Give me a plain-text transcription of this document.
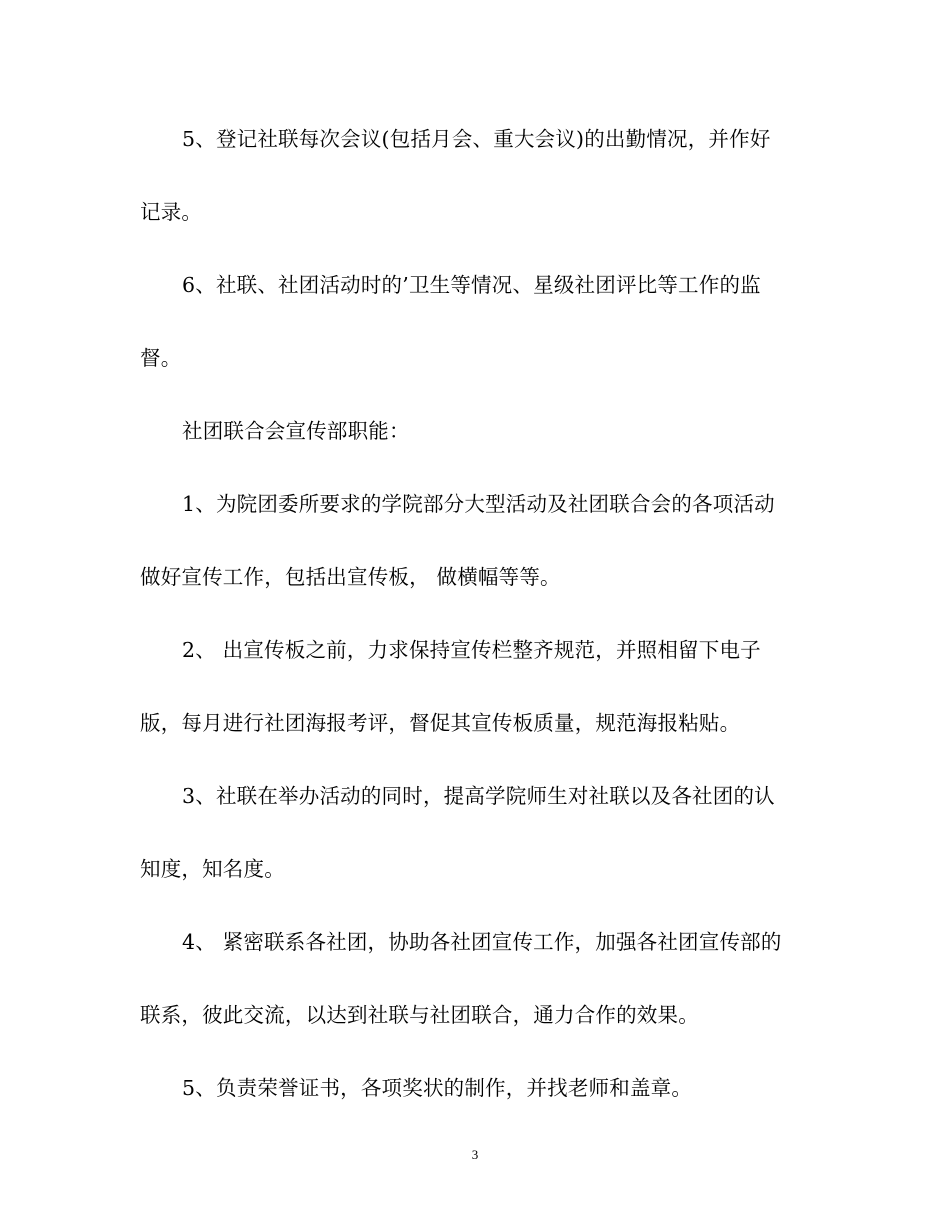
5、登记社联每次会议(包括月会、重大会议)的出勤情况，并作好
记录。
6、社联、社团活动时的’卫生等情况、星级社团评比等工作的监
督。
社团联合会宣传部职能：
1、为院团委所要求的学院部分大型活动及社团联合会的各项活动
做好宣传工作，包括出宣传板， 做横幅等等。
2、 出宣传板之前，力求保持宣传栏整齐规范，并照相留下电子
版，每月进行社团海报考评，督促其宣传板质量，规范海报粘贴。
3、社联在举办活动的同时，提高学院师生对社联以及各社团的认
知度，知名度。
4、 紧密联系各社团，协助各社团宣传工作，加强各社团宣传部的
联系，彼此交流，以达到社联与社团联合，通力合作的效果。
5、负责荣誉证书，各项奖状的制作，并找老师和盖章。
3
